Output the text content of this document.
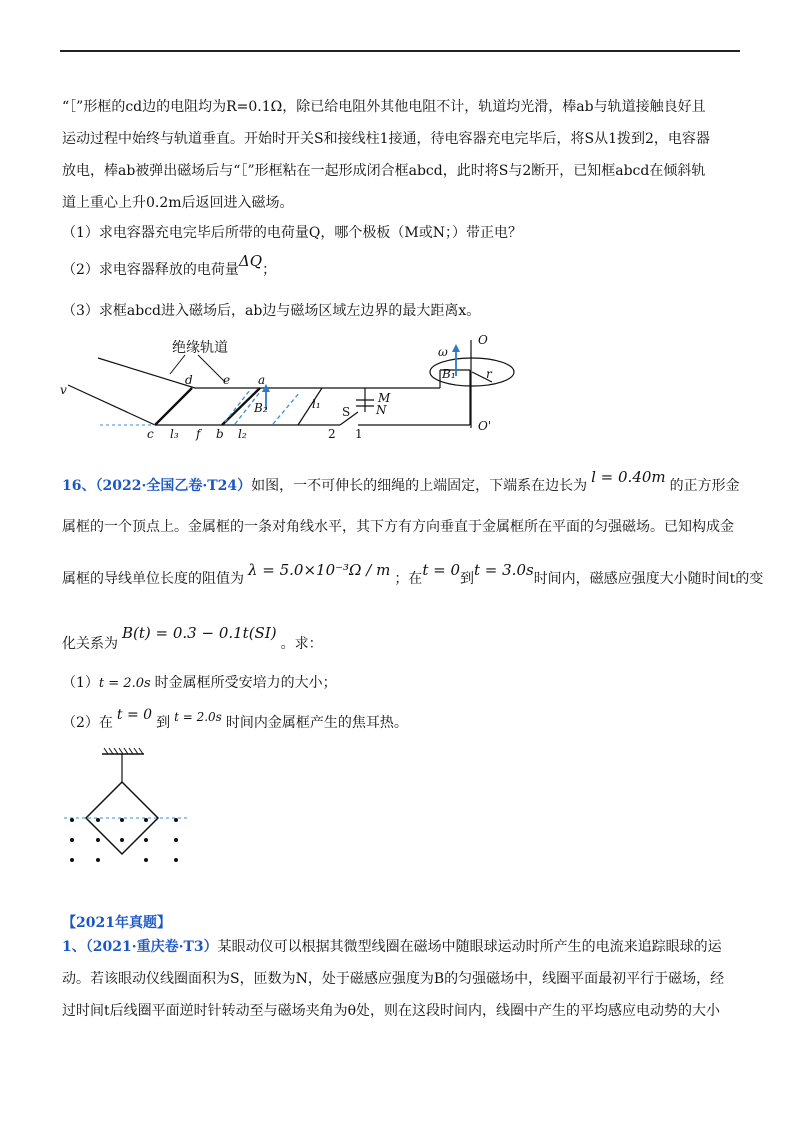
“［”形框的cd边的电阻均为R=0.1Ω，除已给电阻外其他电阻不计，轨道均光滑，棒ab与轨道接触良好且
运动过程中始终与轨道垂直。开始时开关S和接线柱1接通，待电容器充电完毕后，将S从1拨到2，电容器
放电，棒ab被弹出磁场后与“［”形框粘在一起形成闭合框abcd，此时将S与2断开，已知框abcd在倾斜轨
道上重心上升0.2m后返回进入磁场。
（1）求电容器充电完毕后所带的电荷量Q，哪个极板（M或N；）带正电？
（2）求电容器释放的电荷量ΔQ；
（3）求框abcd进入磁场后，ab边与磁场区域左边界的最大距离x。
绝缘轨道
v
d	e a
c l₃ f b l₂
B₂	l₁
S
M
N
2 1
O
O'
ω
B₁	r
16、（2022·全国乙卷·T24）如图，一不可伸长的细绳的上端固定，下端系在边长为 l = 0.40m 的正方形金
属框的一个顶点上。金属框的一条对角线水平，其下方有方向垂直于金属框所在平面的匀强磁场。已知构成金
属框的导线单位长度的阻值为 λ = 5.0×10⁻³Ω / m ；在t = 0到t = 3.0s时间内，磁感应强度大小随时间t的变
化关系为B(t) = 0.3 − 0.1t(SI)。求：
（1）t = 2.0s 时金属框所受安培力的大小；
（2）在 t = 0 到 t = 2.0s 时间内金属框产生的焦耳热。
【2021年真题】
1、（2021·重庆卷·T3）某眼动仪可以根据其微型线圈在磁场中随眼球运动时所产生的电流来追踪眼球的运
动。若该眼动仪线圈面积为S，匝数为N，处于磁感应强度为B的匀强磁场中，线圈平面最初平行于磁场，经
过时间t后线圈平面逆时针转动至与磁场夹角为θ处，则在这段时间内，线圈中产生的平均感应电动势的大小
